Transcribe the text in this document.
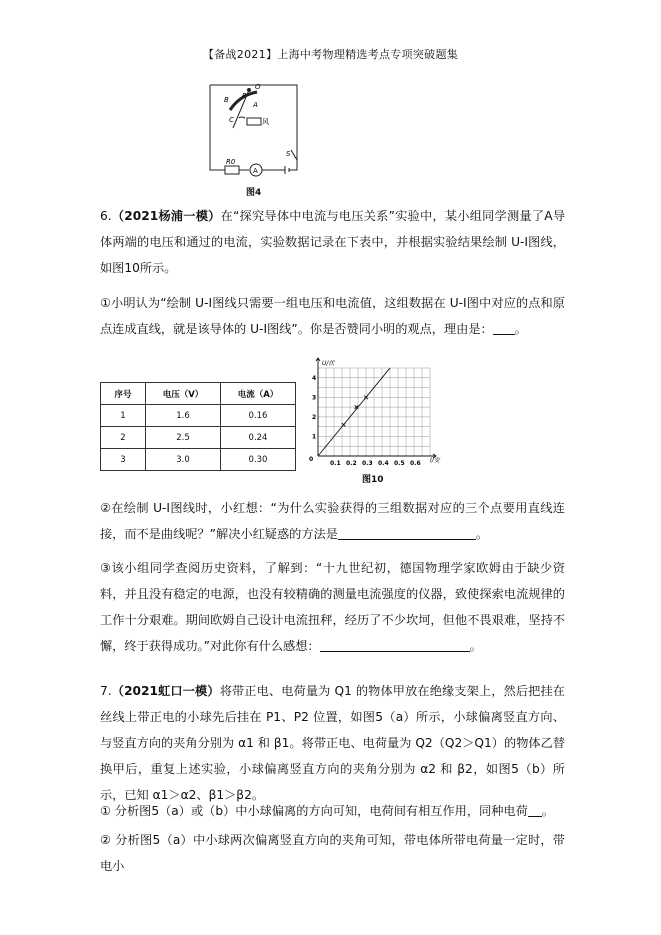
【备战2021】上海中考物理精选考点专项突破题集
O
B P
A
C	风
R0
A
S
图4
6.（2021杨浦一模）在“探究导体中电流与电压关系”实验中，某小组同学测量了A导体两端的电压和通过的电流，实验数据记录在下表中，并根据实验结果绘制 U-I图线，如图10所示。
①小明认为“绘制 U-I图线只需要一组电压和电流值，这组数据在 U-I图中对应的点和原点连成直线，就是该导体的 U-I图线”。你是否赞同小明的观点，理由是： 。
序号	电压（V）	电流（A）
1	1.6	0.16
2	2.5	0.24
3	3.0	0.30	0.1 0.2 0.3 0.4 0.5 0.6
1
2
3
4
0
U/伏
I/安
图10
②在绘制 U-I图线时，小红想：“为什么实验获得的三组数据对应的三个点要用直线连接，而不是曲线呢？”解决小红疑惑的方法是	。
③该小组同学查阅历史资料，了解到：“十九世纪初，德国物理学家欧姆由于缺少资料，并且没有稳定的电源，也没有较精确的测量电流强度的仪器，致使探索电流规律的工作十分艰难。期间欧姆自己设计电流扭秤，经历了不少坎坷，但他不畏艰难，坚持不懈，终于获得成功。”对此你有什么感想：	。
7.（2021虹口一模）将带正电、电荷量为 Q1 的物体甲放在绝缘支架上，然后把挂在丝线上带正电的小球先后挂在 P1、P2 位置，如图5（a）所示，小球偏离竖直方向、与竖直方向的夹角分别为 α1 和 β1。将带正电、电荷量为 Q2（Q2＞Q1）的物体乙替换甲后，重复上述实验，小球偏离竖直方向的夹角分别为 α2 和 β2，如图5（b）所示，已知 α1＞α2、β1＞β2。
① 分析图5（a）或（b）中小球偏离的方向可知，电荷间有相互作用，同种电荷 。
② 分析图5（a）中小球两次偏离竖直方向的夹角可知，带电体所带电荷量一定时，带电小
